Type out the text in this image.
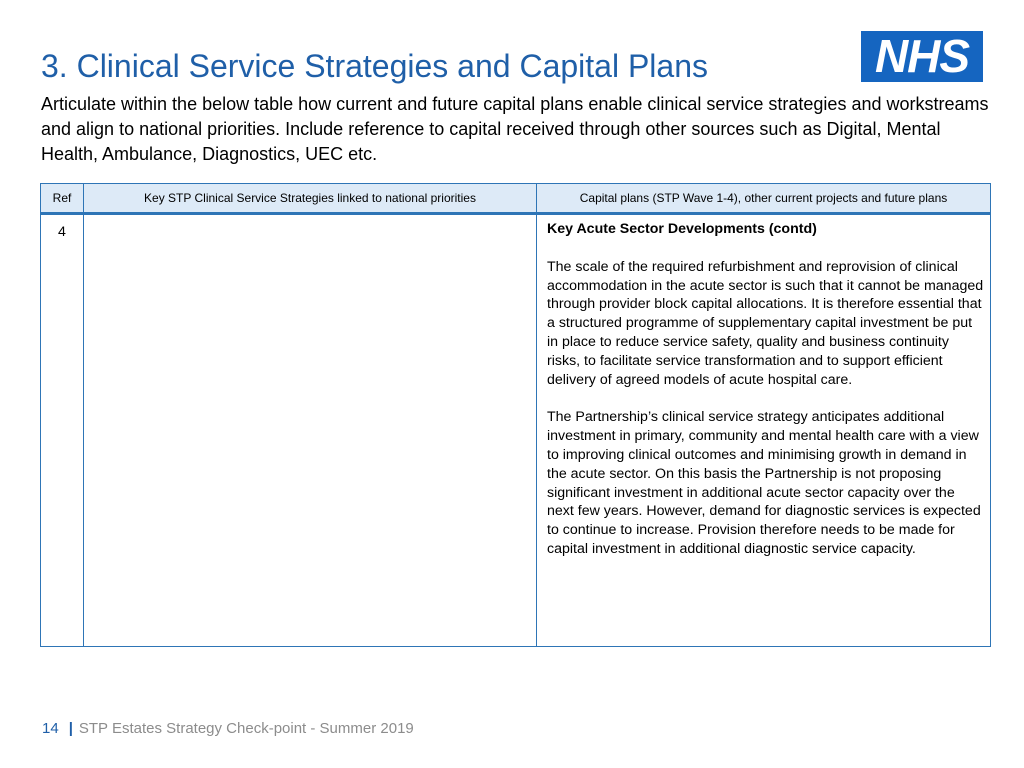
3. Clinical Service Strategies and Capital Plans	NHS

Articulate within the below table how current and future capital plans enable clinical service strategies and workstreams and align to national priorities. Include reference to capital received through other sources such as Digital, Mental Health, Ambulance, Diagnostics, UEC etc.

Ref	Key STP Clinical Service Strategies linked to national priorities	Capital plans (STP Wave 1-4), other current projects and future plans
4		Key Acute Sector Developments (contd)

The scale of the required refurbishment and reprovision of clinical accommodation in the acute sector is such that it cannot be managed through provider block capital allocations. It is therefore essential that a structured programme of supplementary capital investment be put in place to reduce service safety, quality and business continuity risks, to facilitate service transformation and to support efficient delivery of agreed models of acute hospital care.

The Partnership’s clinical service strategy anticipates additional investment in primary, community and mental health care with a view to improving clinical outcomes and minimising growth in demand in the acute sector. On this basis the Partnership is not proposing significant investment in additional acute sector capacity over the next few years. However, demand for diagnostic services is expected to continue to increase. Provision therefore needs to be made for capital investment in additional diagnostic service capacity.

14 | STP Estates Strategy Check-point - Summer 2019
